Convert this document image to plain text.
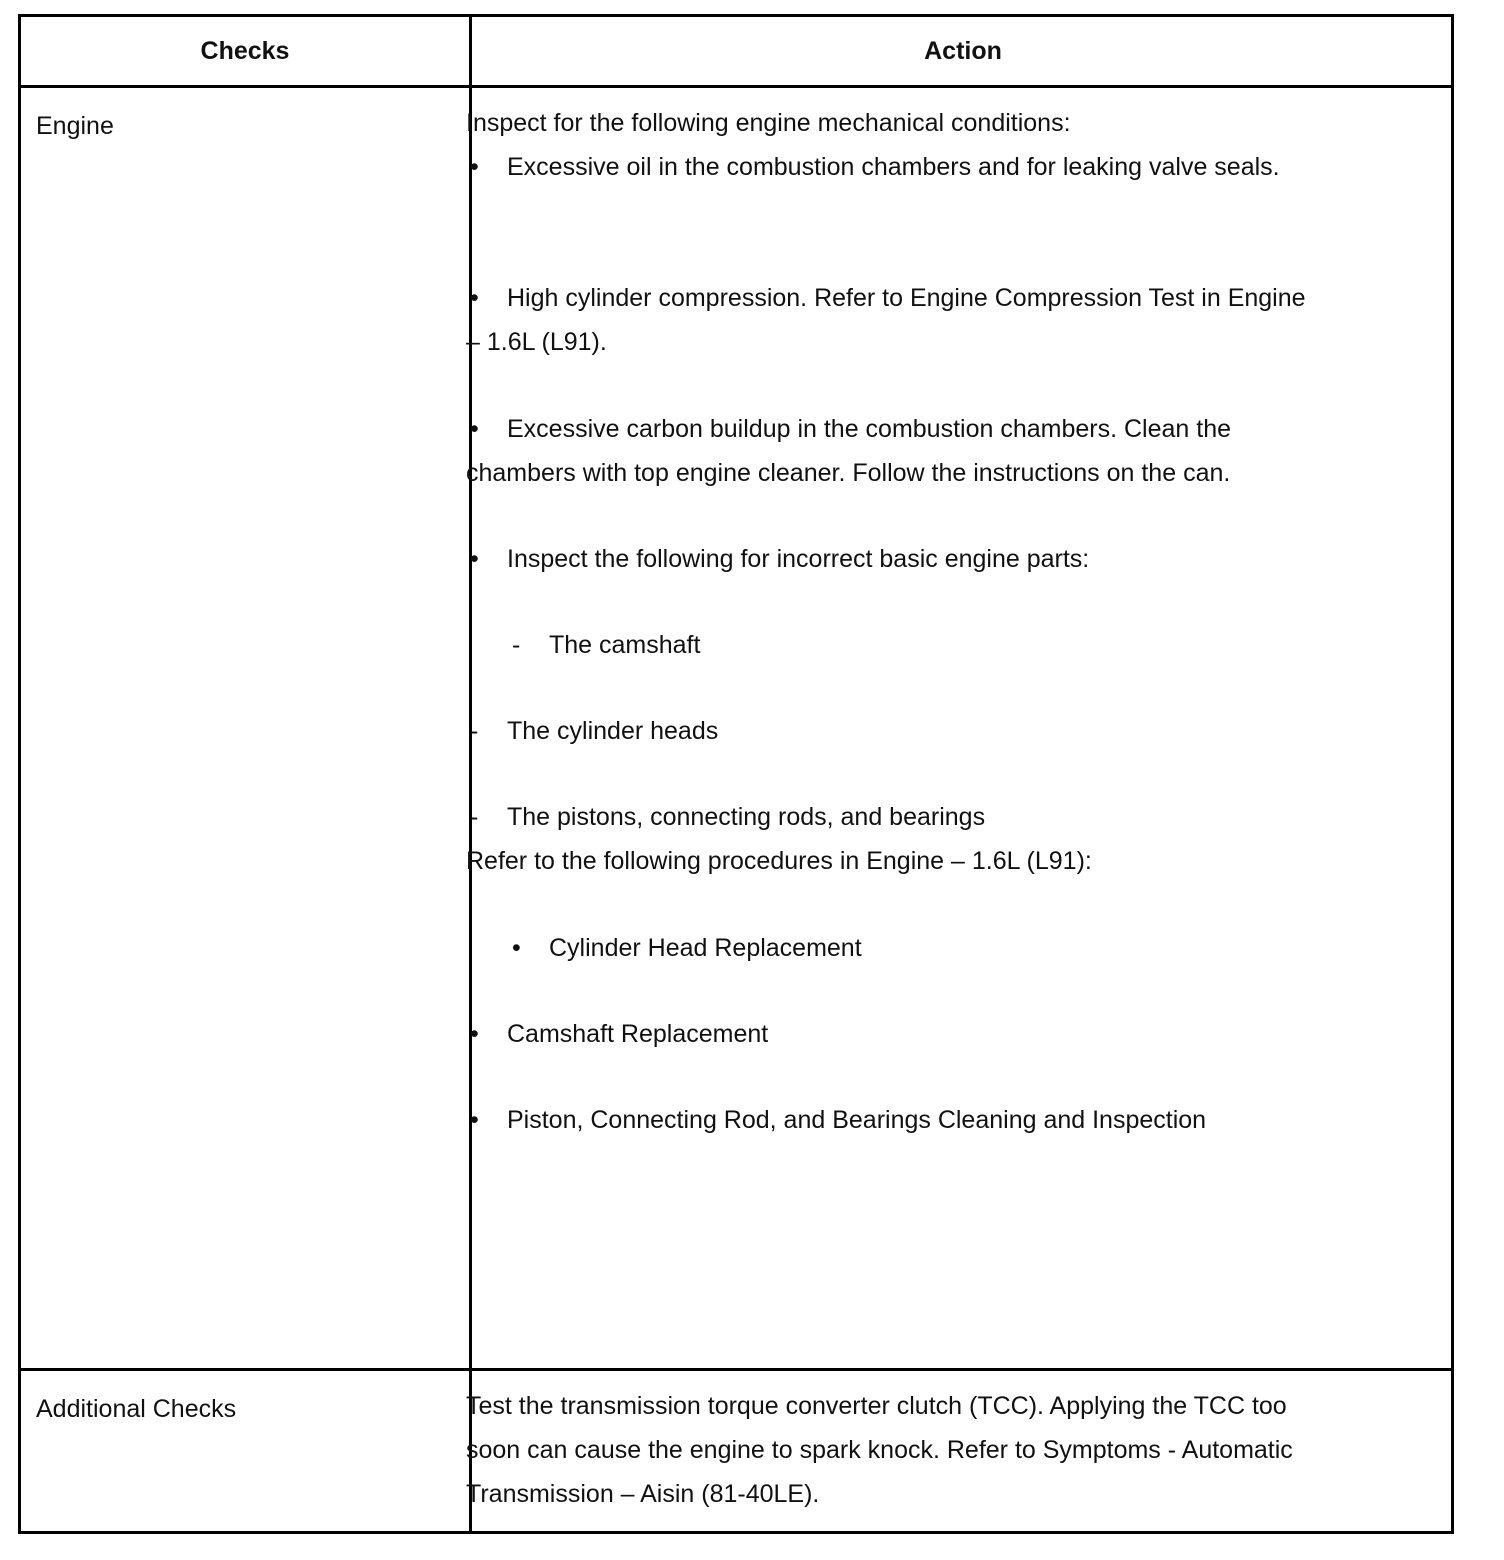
Checks	Action
Engine
Additional Checks
Inspect for the following engine mechanical conditions:
• Excessive oil in the combustion chambers and for leaking valve seals.
• High cylinder compression. Refer to Engine Compression Test in Engine – 1.6L (L91).
• Excessive carbon buildup in the combustion chambers. Clean the chambers with top engine cleaner. Follow the instructions on the can.
• Inspect the following for incorrect basic engine parts:
- The camshaft
- The cylinder heads
- The pistons, connecting rods, and bearings
Refer to the following procedures in Engine – 1.6L (L91):
• Cylinder Head Replacement
• Camshaft Replacement
• Piston, Connecting Rod, and Bearings Cleaning and Inspection
Test the transmission torque converter clutch (TCC). Applying the TCC too soon can cause the engine to spark knock. Refer to Symptoms - Automatic Transmission – Aisin (81-40LE).
